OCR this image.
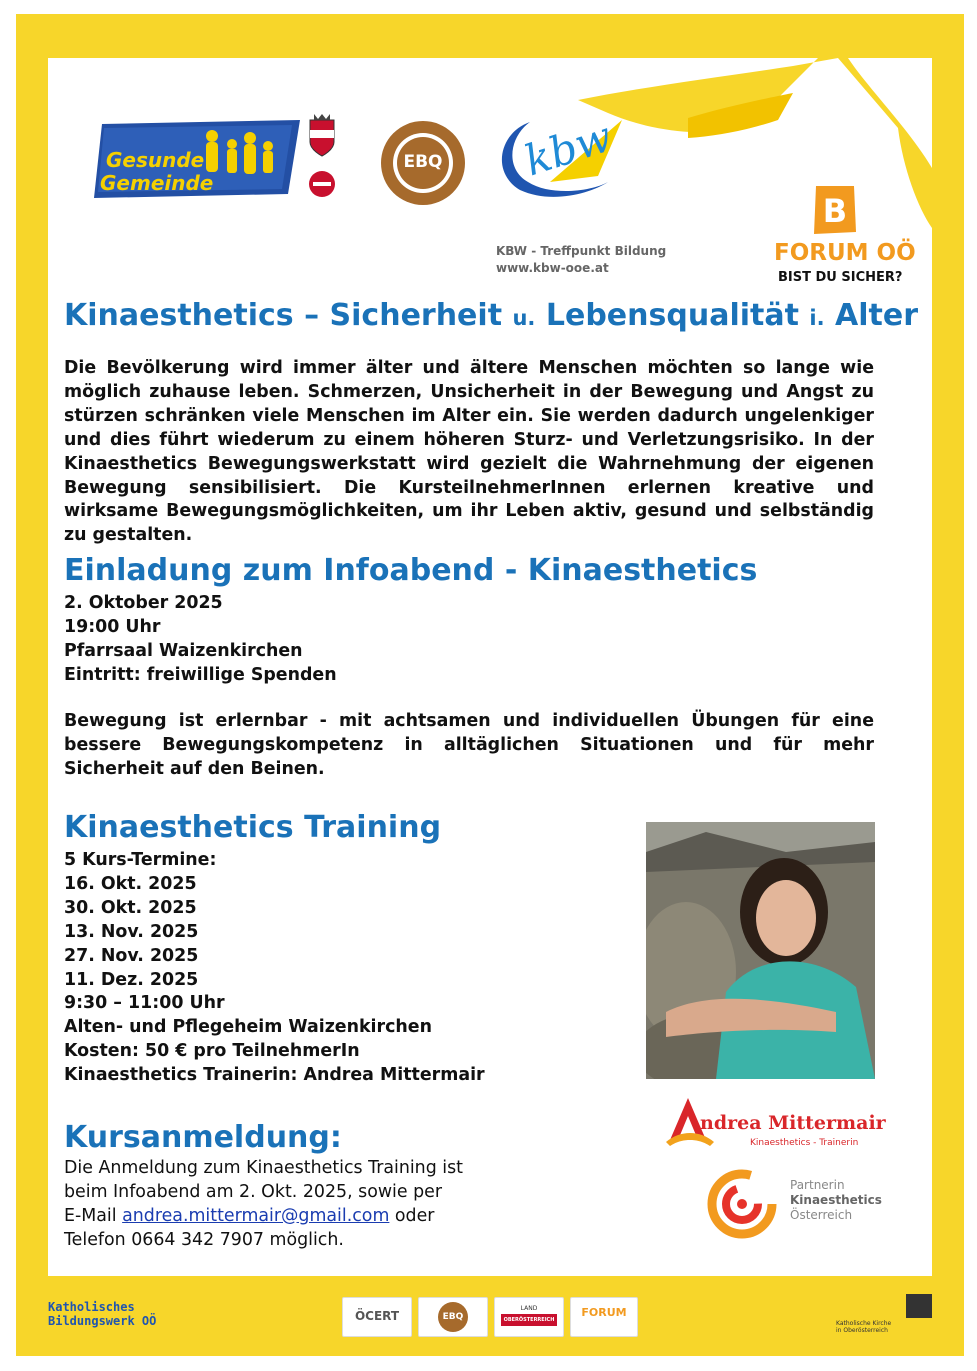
Gesunde
Gemeinde
EBQ	kbw
KBW - Treffpunkt Bildung
www.kbw-ooe.at
B
FORUM OÖ
BIST DU SICHER?
Kinaesthetics – Sicherheit u. Lebensqualität i. Alter
Die Bevölkerung wird immer älter und ältere Menschen möchten so lange wie möglich zuhause leben. Schmerzen, Unsicherheit in der Bewegung und Angst zu stürzen schränken viele Menschen im Alter ein. Sie werden dadurch ungelenkiger und dies führt wiederum zu einem höheren Sturz- und Verletzungsrisiko. In der Kinaesthetics Bewegungswerkstatt wird gezielt die Wahrnehmung der eigenen Bewegung sensibilisiert. Die KursteilnehmerInnen erlernen kreative und wirksame Bewegungsmöglichkeiten, um ihr Leben aktiv, gesund und selbständig zu gestalten.
Einladung zum Infoabend - Kinaesthetics
2. Oktober 2025
19:00 Uhr
Pfarrsaal Waizenkirchen
Eintritt: freiwillige Spenden
Bewegung ist erlernbar - mit achtsamen und individuellen Übungen für eine bessere Bewegungskompetenz in alltäglichen Situationen und für mehr Sicherheit auf den Beinen.
Kinaesthetics Training
5 Kurs-Termine:
16. Okt. 2025
30. Okt. 2025
13. Nov. 2025
27. Nov. 2025
11. Dez. 2025
9:30 – 11:00 Uhr
Alten- und Pflegeheim Waizenkirchen
Kosten: 50 € pro TeilnehmerIn
Kinaesthetics Trainerin: Andrea Mittermair
Kursanmeldung:
Die Anmeldung zum Kinaesthetics Training ist
beim Infoabend am 2. Okt. 2025, sowie per
E-Mail andrea.mittermair@gmail.com oder
Telefon 0664 342 7907 möglich.
ndrea Mittermair
Kinaesthetics - Trainerin
Partnerin
Kinaesthetics
Österreich
Katholisches
Bildungswerk OÖ	ÖCERT	EBQ
LAND
OBERÖSTERREICH
FORUM
Katholische Kirche
in Oberösterreich
